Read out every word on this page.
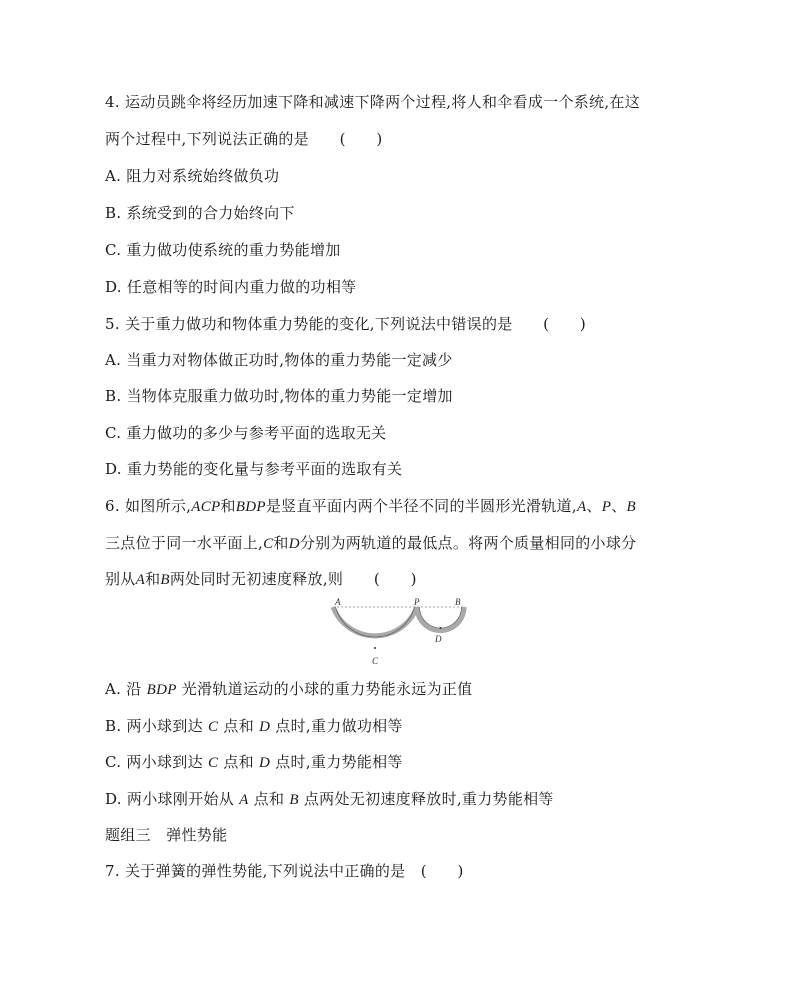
4. 运动员跳伞将经历加速下降和减速下降两个过程,将人和伞看成一个系统,在这
两个过程中,下列说法正确的是　　(　　)
A. 阻力对系统始终做负功
B. 系统受到的合力始终向下
C. 重力做功使系统的重力势能增加
D. 任意相等的时间内重力做的功相等
5. 关于重力做功和物体重力势能的变化,下列说法中错误的是　　(　　)
A. 当重力对物体做正功时,物体的重力势能一定减少
B. 当物体克服重力做功时,物体的重力势能一定增加
C. 重力做功的多少与参考平面的选取无关
D. 重力势能的变化量与参考平面的选取有关
6. 如图所示,ACP和BDP是竖直平面内两个半径不同的半圆形光滑轨道,A、P、B
三点位于同一水平面上,C和D分别为两轨道的最低点。将两个质量相同的小球分
别从A和B两处同时无初速度释放,则　　(　　)
A	P	B
C
D
A. 沿 BDP 光滑轨道运动的小球的重力势能永远为正值
B. 两小球到达 C 点和 D 点时,重力做功相等
C. 两小球到达 C 点和 D 点时,重力势能相等
D. 两小球刚开始从 A 点和 B 点两处无初速度释放时,重力势能相等
题组三　弹性势能
7. 关于弹簧的弹性势能,下列说法中正确的是　(　　)
